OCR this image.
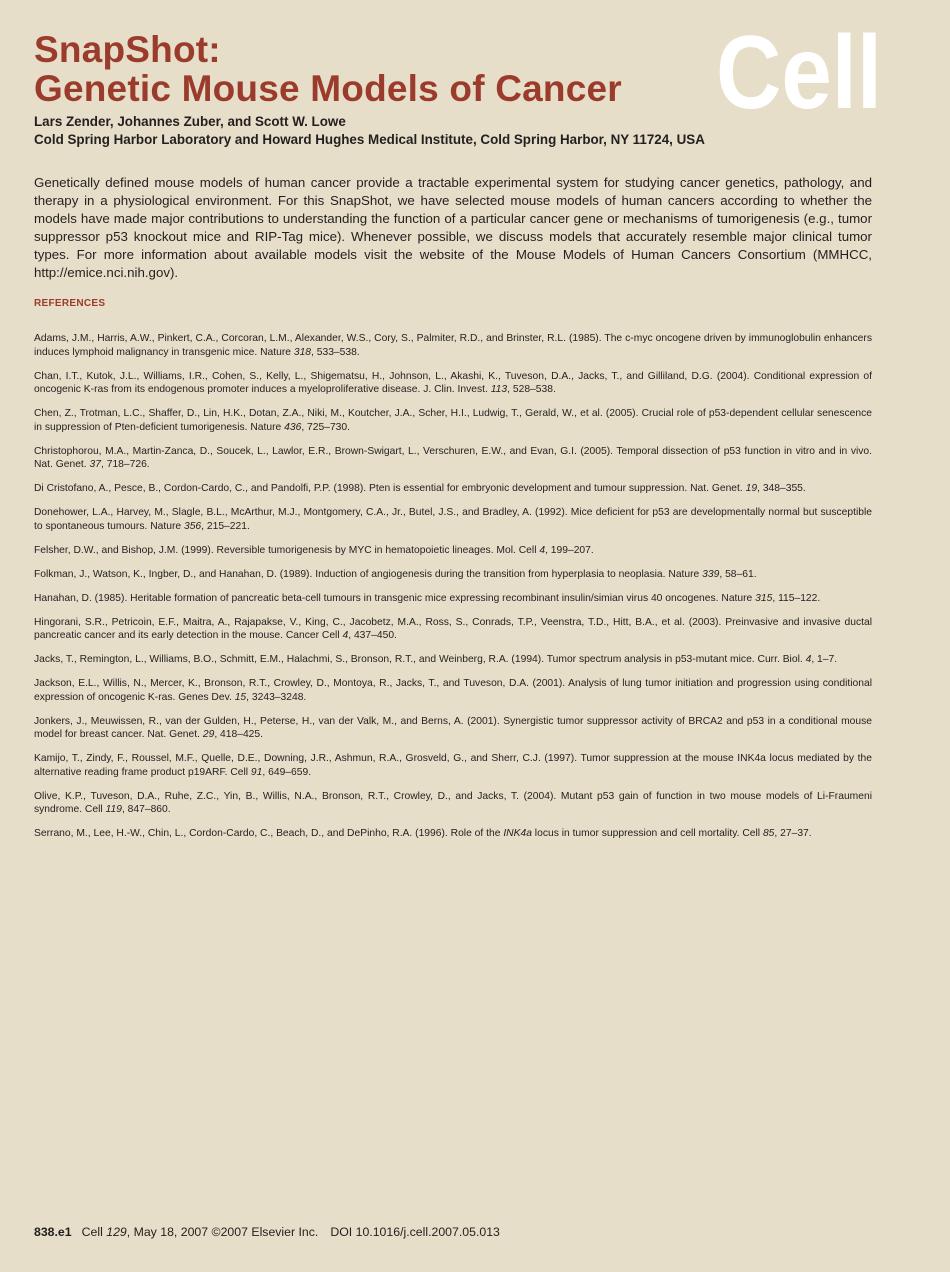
SnapShot:
Genetic Mouse Models of Cancer Cell
Lars Zender, Johannes Zuber, and Scott W. Lowe
Cold Spring Harbor Laboratory and Howard Hughes Medical Institute, Cold Spring Harbor, NY 11724, USA

Genetically defined mouse models of human cancer provide a tractable experimental system for studying cancer genetics, pathology, and therapy in a physiological environment. For this SnapShot, we have selected mouse models of human cancers according to whether the models have made major contributions to understanding the function of a particular cancer gene or mechanisms of tumorigenesis (e.g., tumor suppressor p53 knockout mice and RIP-Tag mice). Whenever possible, we discuss models that accurately resemble major clinical tumor types. For more information about available models visit the website of the Mouse Models of Human Cancers Consortium (MMHCC, http://emice.nci.nih.gov).

REFERENCES

Adams, J.M., Harris, A.W., Pinkert, C.A., Corcoran, L.M., Alexander, W.S., Cory, S., Palmiter, R.D., and Brinster, R.L. (1985). The c-myc oncogene driven by immunoglobulin enhancers induces lymphoid malignancy in transgenic mice. Nature 318, 533–538.

Chan, I.T., Kutok, J.L., Williams, I.R., Cohen, S., Kelly, L., Shigematsu, H., Johnson, L., Akashi, K., Tuveson, D.A., Jacks, T., and Gilliland, D.G. (2004). Conditional expression of oncogenic K-ras from its endogenous promoter induces a myeloproliferative disease. J. Clin. Invest. 113, 528–538.

Chen, Z., Trotman, L.C., Shaffer, D., Lin, H.K., Dotan, Z.A., Niki, M., Koutcher, J.A., Scher, H.I., Ludwig, T., Gerald, W., et al. (2005). Crucial role of p53-dependent cellular senescence in suppression of Pten-deficient tumorigenesis. Nature 436, 725–730.

Christophorou, M.A., Martin-Zanca, D., Soucek, L., Lawlor, E.R., Brown-Swigart, L., Verschuren, E.W., and Evan, G.I. (2005). Temporal dissection of p53 function in vitro and in vivo. Nat. Genet. 37, 718–726.

Di Cristofano, A., Pesce, B., Cordon-Cardo, C., and Pandolfi, P.P. (1998). Pten is essential for embryonic development and tumour suppression. Nat. Genet. 19, 348–355.

Donehower, L.A., Harvey, M., Slagle, B.L., McArthur, M.J., Montgomery, C.A., Jr., Butel, J.S., and Bradley, A. (1992). Mice deficient for p53 are developmentally normal but susceptible to spontaneous tumours. Nature 356, 215–221.

Felsher, D.W., and Bishop, J.M. (1999). Reversible tumorigenesis by MYC in hematopoietic lineages. Mol. Cell 4, 199–207.

Folkman, J., Watson, K., Ingber, D., and Hanahan, D. (1989). Induction of angiogenesis during the transition from hyperplasia to neoplasia. Nature 339, 58–61.

Hanahan, D. (1985). Heritable formation of pancreatic beta-cell tumours in transgenic mice expressing recombinant insulin/simian virus 40 oncogenes. Nature 315, 115–122.

Hingorani, S.R., Petricoin, E.F., Maitra, A., Rajapakse, V., King, C., Jacobetz, M.A., Ross, S., Conrads, T.P., Veenstra, T.D., Hitt, B.A., et al. (2003). Preinvasive and invasive ductal pancreatic cancer and its early detection in the mouse. Cancer Cell 4, 437–450.

Jacks, T., Remington, L., Williams, B.O., Schmitt, E.M., Halachmi, S., Bronson, R.T., and Weinberg, R.A. (1994). Tumor spectrum analysis in p53-mutant mice. Curr. Biol. 4, 1–7.

Jackson, E.L., Willis, N., Mercer, K., Bronson, R.T., Crowley, D., Montoya, R., Jacks, T., and Tuveson, D.A. (2001). Analysis of lung tumor initiation and progression using conditional expression of oncogenic K-ras. Genes Dev. 15, 3243–3248.

Jonkers, J., Meuwissen, R., van der Gulden, H., Peterse, H., van der Valk, M., and Berns, A. (2001). Synergistic tumor suppressor activity of BRCA2 and p53 in a conditional mouse model for breast cancer. Nat. Genet. 29, 418–425.

Kamijo, T., Zindy, F., Roussel, M.F., Quelle, D.E., Downing, J.R., Ashmun, R.A., Grosveld, G., and Sherr, C.J. (1997). Tumor suppression at the mouse INK4a locus mediated by the alternative reading frame product p19ARF. Cell 91, 649–659.

Olive, K.P., Tuveson, D.A., Ruhe, Z.C., Yin, B., Willis, N.A., Bronson, R.T., Crowley, D., and Jacks, T. (2004). Mutant p53 gain of function in two mouse models of Li-Fraumeni syndrome. Cell 119, 847–860.

Serrano, M., Lee, H.-W., Chin, L., Cordon-Cardo, C., Beach, D., and DePinho, R.A. (1996). Role of the INK4a locus in tumor suppression and cell mortality. Cell 85, 27–37.

838.e1 Cell 129, May 18, 2007 ©2007 Elsevier Inc. DOI 10.1016/j.cell.2007.05.013
